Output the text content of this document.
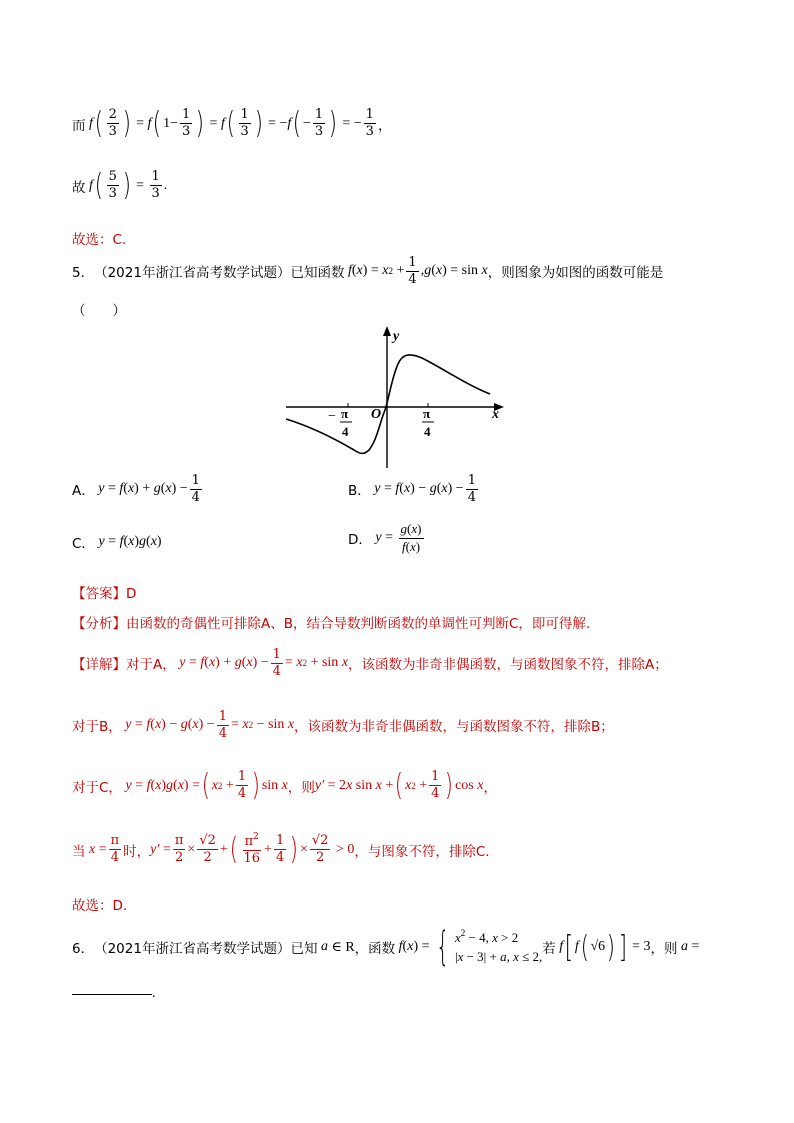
而 f ( $\frac{2}{3}$ ) = f ( $1- \frac{1}{3}$ ) = f ( $\frac{1}{3}$ ) = − f ( − $\frac{1}{3}$ ) = − $\frac{1}{3}$ ，
故 f ( $\frac{5}{3}$ ) = $\frac{1}{3}$ .
故选：C.
5． （2021年浙江省高考数学试题） 已知函数 f ( x ) = x $2 + \frac{1}{4}$ , g ( x ) = sin x ，则图象为如图的函数可能是
（　　）
y
x
O
− π
4
π
4
A． y = f ( x ) + g ( x ) − $\frac{1}{4}$	B． y = f ( x ) − g ( x ) − $\frac{1}{4}$
C． y = f ( x ) g ( x )	D． $y = \frac{g(x)}{f(x)}$
【答案】D
【分析】由函数的奇偶性可排除A、B，结合导数判断函数的单调性可判断C，即可得解.
【详解】 对于A， y = f ( x ) + g ( x ) − $\frac{1}{4} = x$ 2 + sin x ，该函数为非奇非偶函数，与函数图象不符，排除A；
对于B， y = f ( x ) − g ( x ) − $\frac{1}{4} = x$ 2 − sin x ，该函数为非奇非偶函数，与函数图象不符，排除B；
对于C， y = f ( x ) g ( x ) = ( x $2 + \frac{1}{4}$ ) sin x ，则 y′ = 2 x sin x + ( x $2 + \frac{1}{4}$ ) cos x ，
当 $x = \frac{\pi}{4}$ 时， $y' = \frac{\pi}{2} \times \frac{√2}{2}$ + ( $\frac{\pi^2}{16} + \frac{1}{4}$ ) × $\frac{√2}{2} > 0$ ，与图象不符，排除C.
故选：D.
6． （2021年浙江省高考数学试题） 已知 a ∈ R ，函数 f ( x ) = { $x^2 - 4$, x > 2
|x − 3| + a, x ≤ 2, 若 f [ f ( √6 ) ] = 3 ，则 a =
.
